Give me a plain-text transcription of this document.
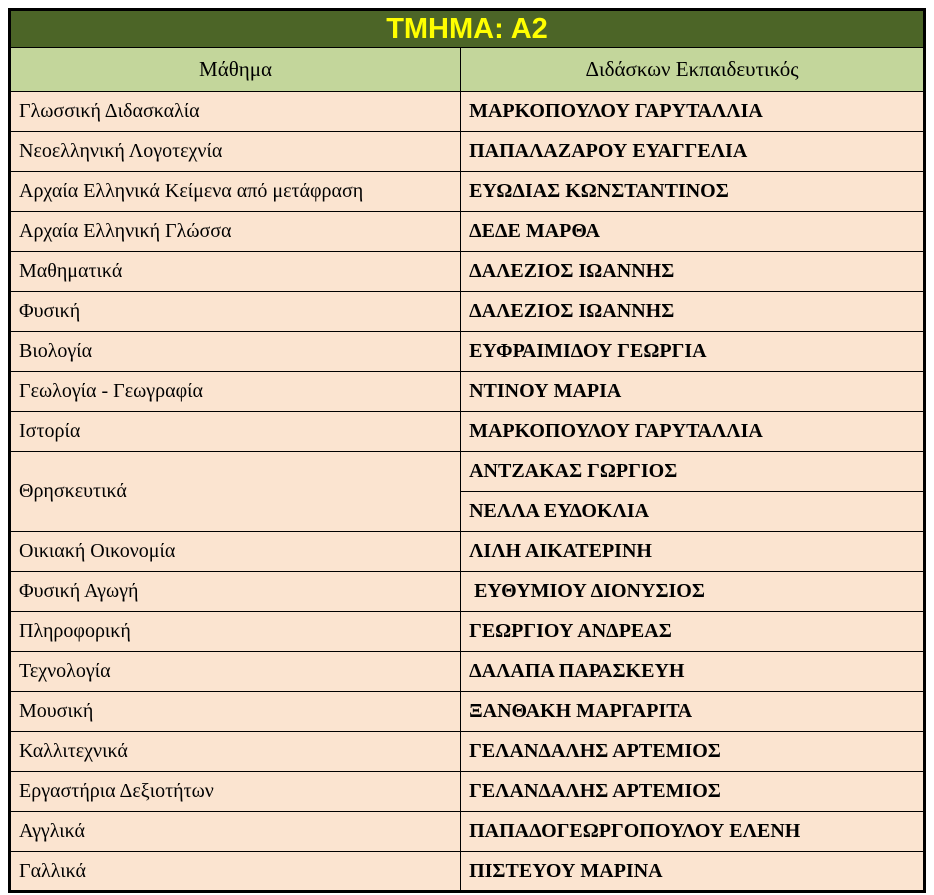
ΤΜΗΜΑ: Α2	
Μάθημα	Διδάσκων Εκπαιδευτικός
Γλωσσική Διδασκαλία	ΜΑΡΚΟΠΟΥΛΟΥ ΓΑΡΥΤΑΛΛΙΑ
Νεοελληνική Λογοτεχνία	ΠΑΠΑΛΑΖΑΡΟΥ ΕΥΑΓΓΕΛΙΑ
Αρχαία Ελληνικά Κείμενα από μετάφραση	ΕΥΩΔΙΑΣ ΚΩΝΣΤΑΝΤΙΝΟΣ
Αρχαία Ελληνική Γλώσσα	ΔΕΔΕ ΜΑΡΘΑ
Μαθηματικά	ΔΑΛΕΖΙΟΣ ΙΩΑΝΝΗΣ
Φυσική	ΔΑΛΕΖΙΟΣ ΙΩΑΝΝΗΣ
Βιολογία	ΕΥΦΡΑΙΜΙΔΟΥ ΓΕΩΡΓΙΑ
Γεωλογία - Γεωγραφία	ΝΤΙΝΟΥ ΜΑΡΙΑ
Ιστορία	ΜΑΡΚΟΠΟΥΛΟΥ ΓΑΡΥΤΑΛΛΙΑ
Θρησκευτικά	ΑΝΤΖΑΚΑΣ ΓΩΡΓΙΟΣ
	ΝΕΛΛΑ ΕΥΔΟΚΛΙΑ
Οικιακή Οικονομία	ΛΙΛΗ ΑΙΚΑΤΕΡΙΝΗ
Φυσική Αγωγή	ΕΥΘΥΜΙΟΥ ΔΙΟΝΥΣΙΟΣ
Πληροφορική	ΓΕΩΡΓΙΟΥ ΑΝΔΡΕΑΣ
Τεχνολογία	ΔΑΛΑΠΑ ΠΑΡΑΣΚΕΥΗ
Μουσική	ΞΑΝΘΑΚΗ ΜΑΡΓΑΡΙΤΑ
Καλλιτεχνικά	ΓΕΛΑΝΔΑΛΗΣ ΑΡΤΕΜΙΟΣ
Εργαστήρια Δεξιοτήτων	ΓΕΛΑΝΔΑΛΗΣ ΑΡΤΕΜΙΟΣ
Αγγλικά	ΠΑΠΑΔΟΓΕΩΡΓΟΠΟΥΛΟΥ ΕΛΕΝΗ
Γαλλικά	ΠΙΣΤΕΥΟΥ ΜΑΡΙΝΑ
